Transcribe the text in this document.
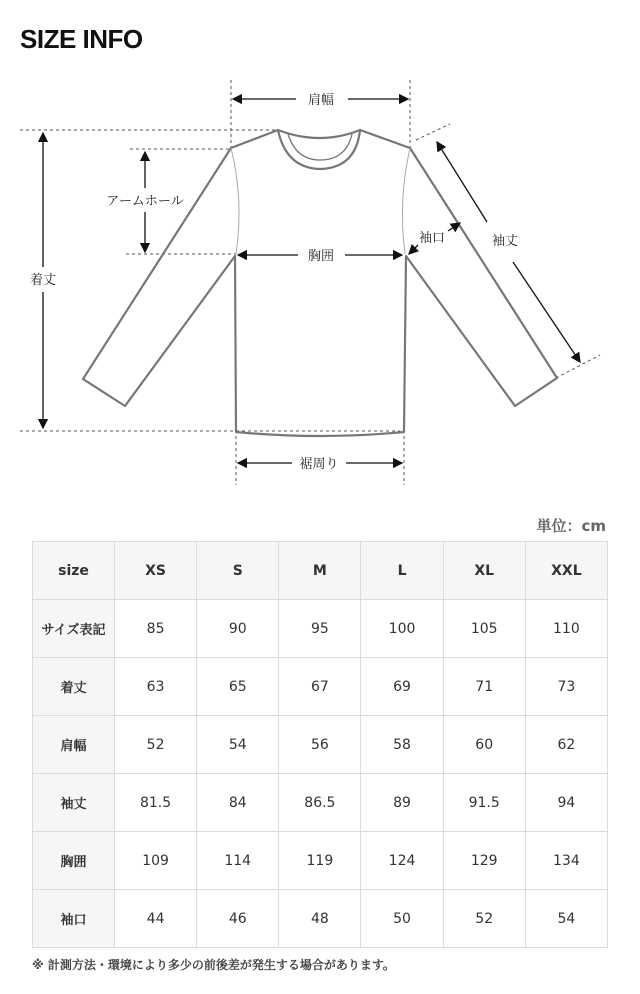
SIZE INFO
肩幅
アームホール
着丈
胸囲
袖口	袖丈
裾周り
単位：cm
size	XS	S	M	L	XL	XXL
サイズ表記	85	90	95	100	105	110
着丈	63	65	67	69	71	73
肩幅	52	54	56	58	60	62
袖丈	81.5	84	86.5	89	91.5	94
胸囲	109	114	119	124	129	134
袖口	44	46	48	50	52	54
※ 計測方法・環境により多少の前後差が発生する場合があります。
